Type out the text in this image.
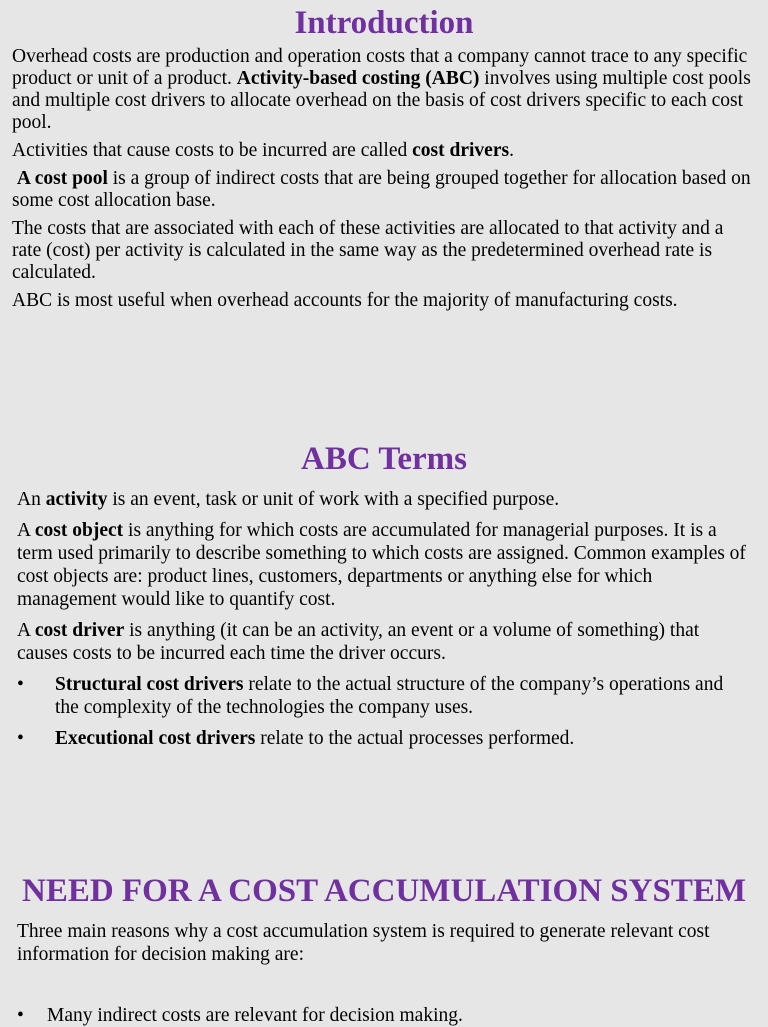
Introduction

Overhead costs are production and operation costs that a company cannot trace to any specific product or unit of a product. Activity-based costing (ABC) involves using multiple cost pools and multiple cost drivers to allocate overhead on the basis of cost drivers specific to each cost pool.

Activities that cause costs to be incurred are called cost drivers.

A cost pool is a group of indirect costs that are being grouped together for allocation based on some cost allocation base.

The costs that are associated with each of these activities are allocated to that activity and a rate (cost) per activity is calculated in the same way as the predetermined overhead rate is calculated.

ABC is most useful when overhead accounts for the majority of manufacturing costs.

ABC Terms

An activity is an event, task or unit of work with a specified purpose.

A cost object is anything for which costs are accumulated for managerial purposes. It is a term used primarily to describe something to which costs are assigned. Common examples of cost objects are: product lines, customers, departments or anything else for which management would like to quantify cost.

A cost driver is anything (it can be an activity, an event or a volume of something) that causes costs to be incurred each time the driver occurs.

• Structural cost drivers relate to the actual structure of the company’s operations and the complexity of the technologies the company uses.
• Executional cost drivers relate to the actual processes performed.
NEED FOR A COST ACCUMULATION SYSTEM

Three main reasons why a cost accumulation system is required to generate relevant cost information for decision making are:

• Many indirect costs are relevant for decision making.
